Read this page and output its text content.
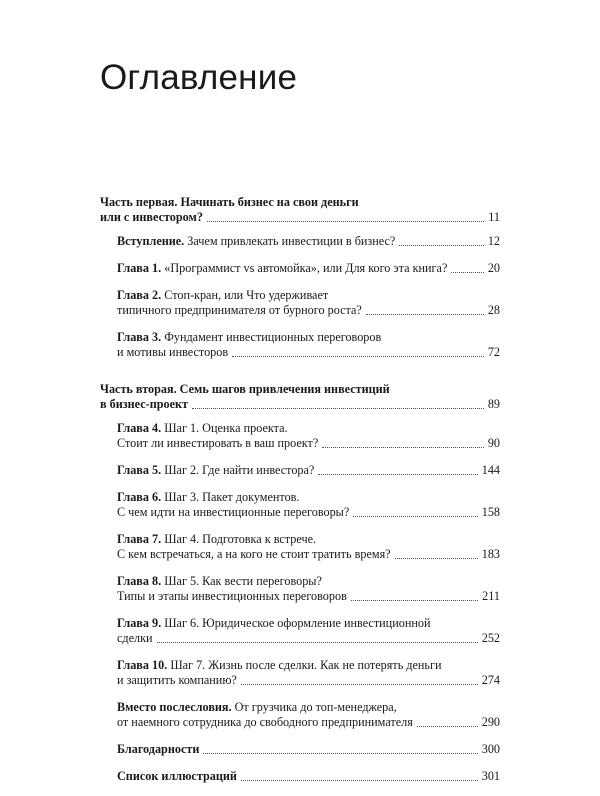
Оглавление
Часть первая. Начинать бизнес на свои деньги
или с инвестором?	11
Вступление. Зачем привлекать инвестиции в бизнес?	12
Глава 1. «Программист vs автомойка», или Для кого эта книга?	20
Глава 2. Стоп-кран, или Что удерживает
типичного предпринимателя от бурного роста?	28
Глава 3. Фундамент инвестиционных переговоров
и мотивы инвесторов	72
Часть вторая. Семь шагов привлечения инвестиций
в бизнес-проект	89
Глава 4. Шаг 1. Оценка проекта.
Стоит ли инвестировать в ваш проект?	90
Глава 5. Шаг 2. Где найти инвестора?	144
Глава 6. Шаг 3. Пакет документов.
С чем идти на инвестиционные переговоры?	158
Глава 7. Шаг 4. Подготовка к встрече.
С кем встречаться, а на кого не стоит тратить время?	183
Глава 8. Шаг 5. Как вести переговоры?
Типы и этапы инвестиционных переговоров	211
Глава 9. Шаг 6. Юридическое оформление инвестиционной
сделки	252
Глава 10. Шаг 7. Жизнь после сделки. Как не потерять деньги
и защитить компанию?	274
Вместо послесловия. От грузчика до топ-менеджера,
от наемного сотрудника до свободного предпринимателя	290
Благодарности	300
Список иллюстраций	301
